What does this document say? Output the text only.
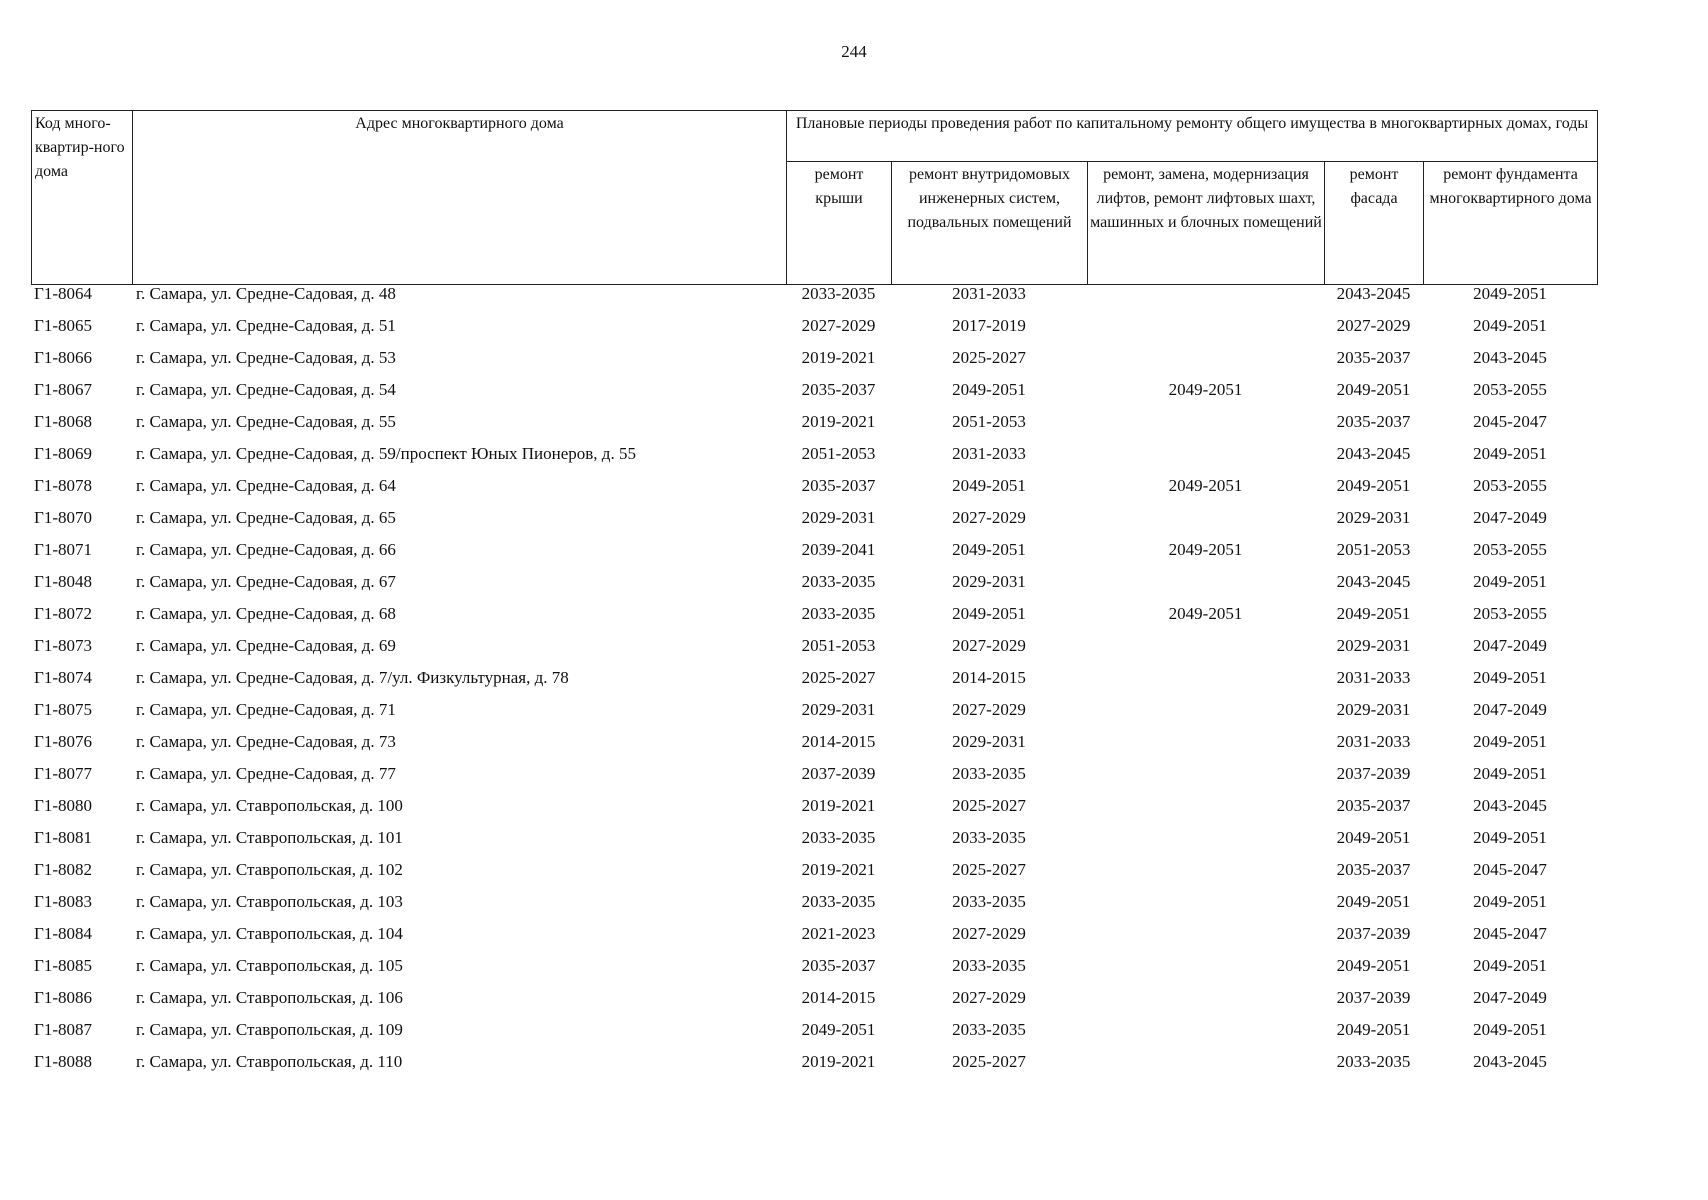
244
Код много-квартир-ного дома	Адрес многоквартирного дома	Плановые периоды проведения работ по капитальному ремонту общего имущества в многоквартирных домах, годы				
		ремонт крыши	ремонт внутридомовых инженерных систем, подвальных помещений	ремонт, замена, модернизация лифтов, ремонт лифтовых шахт, машинных и блочных помещений	ремонт фасада	ремонт фундамента многоквартирного дома
Г1-8064	г. Самара, ул. Средне-Садовая, д. 48	2033-2035	2031-2033		2043-2045	2049-2051
Г1-8065	г. Самара, ул. Средне-Садовая, д. 51	2027-2029	2017-2019		2027-2029	2049-2051
Г1-8066	г. Самара, ул. Средне-Садовая, д. 53	2019-2021	2025-2027		2035-2037	2043-2045
Г1-8067	г. Самара, ул. Средне-Садовая, д. 54	2035-2037	2049-2051	2049-2051	2049-2051	2053-2055
Г1-8068	г. Самара, ул. Средне-Садовая, д. 55	2019-2021	2051-2053		2035-2037	2045-2047
Г1-8069	г. Самара, ул. Средне-Садовая, д. 59/проспект Юных Пионеров, д. 55	2051-2053	2031-2033		2043-2045	2049-2051
Г1-8078	г. Самара, ул. Средне-Садовая, д. 64	2035-2037	2049-2051	2049-2051	2049-2051	2053-2055
Г1-8070	г. Самара, ул. Средне-Садовая, д. 65	2029-2031	2027-2029		2029-2031	2047-2049
Г1-8071	г. Самара, ул. Средне-Садовая, д. 66	2039-2041	2049-2051	2049-2051	2051-2053	2053-2055
Г1-8048	г. Самара, ул. Средне-Садовая, д. 67	2033-2035	2029-2031		2043-2045	2049-2051
Г1-8072	г. Самара, ул. Средне-Садовая, д. 68	2033-2035	2049-2051	2049-2051	2049-2051	2053-2055
Г1-8073	г. Самара, ул. Средне-Садовая, д. 69	2051-2053	2027-2029		2029-2031	2047-2049
Г1-8074	г. Самара, ул. Средне-Садовая, д. 7/ул. Физкультурная, д. 78	2025-2027	2014-2015		2031-2033	2049-2051
Г1-8075	г. Самара, ул. Средне-Садовая, д. 71	2029-2031	2027-2029		2029-2031	2047-2049
Г1-8076	г. Самара, ул. Средне-Садовая, д. 73	2014-2015	2029-2031		2031-2033	2049-2051
Г1-8077	г. Самара, ул. Средне-Садовая, д. 77	2037-2039	2033-2035		2037-2039	2049-2051
Г1-8080	г. Самара, ул. Ставропольская, д. 100	2019-2021	2025-2027		2035-2037	2043-2045
Г1-8081	г. Самара, ул. Ставропольская, д. 101	2033-2035	2033-2035		2049-2051	2049-2051
Г1-8082	г. Самара, ул. Ставропольская, д. 102	2019-2021	2025-2027		2035-2037	2045-2047
Г1-8083	г. Самара, ул. Ставропольская, д. 103	2033-2035	2033-2035		2049-2051	2049-2051
Г1-8084	г. Самара, ул. Ставропольская, д. 104	2021-2023	2027-2029		2037-2039	2045-2047
Г1-8085	г. Самара, ул. Ставропольская, д. 105	2035-2037	2033-2035		2049-2051	2049-2051
Г1-8086	г. Самара, ул. Ставропольская, д. 106	2014-2015	2027-2029		2037-2039	2047-2049
Г1-8087	г. Самара, ул. Ставропольская, д. 109	2049-2051	2033-2035		2049-2051	2049-2051
Г1-8088	г. Самара, ул. Ставропольская, д. 110	2019-2021	2025-2027		2033-2035	2043-2045
